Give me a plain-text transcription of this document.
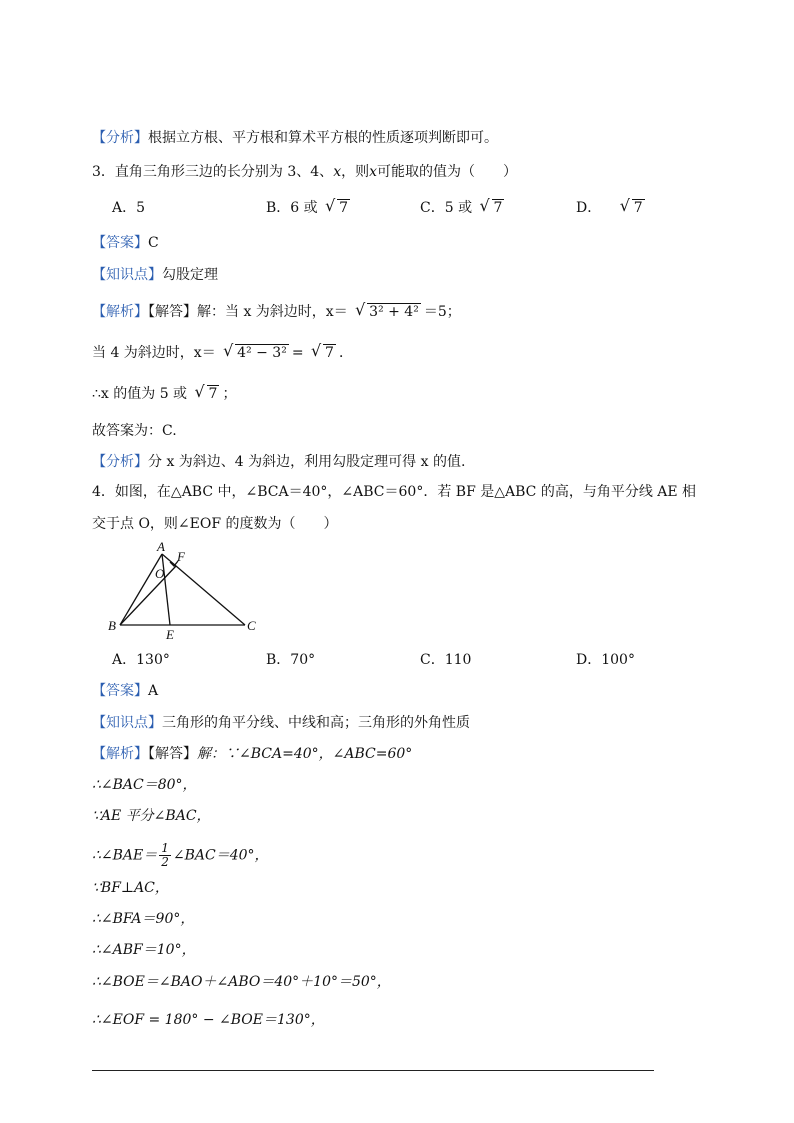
【分析】根据立方根、平方根和算术平方根的性质逐项判断即可。
3．直角三角形三边的长分别为 3、4、x，则x可能取的值为（　　）
A．5	B．6 或 √ 7	C．5 或 √ 7	D． √ 7
【答案】C
【知识点】勾股定理
【解析】【解答】解：当 x 为斜边时，x＝ √ 3² + 4² ＝5；
当 4 为斜边时，x＝ √ 4² − 3² = √ 7 ．
∴x 的值为 5 或 √ 7 ；
故答案为：C.
【分析】分 x 为斜边、4 为斜边，利用勾股定理可得 x 的值.
4．如图，在△ABC 中，∠BCA＝40°，∠ABC＝60°．若 BF 是△ABC 的高，与角平分线 AE 相
交于点 O，则∠EOF 的度数为（　　）
A
F
O
B
E
C
A．130°	B．70°	C．110	D．100°
【答案】A
【知识点】三角形的角平分线、中线和高；三角形的外角性质
【解析】【解答】解：∵∠BCA=40°，∠ABC=60°
∴∠BAC＝80°，
∵AE 平分∠BAC，
∴∠BAE＝ $\frac{1}{2}$ ∠BAC＝40°，
∵BF⊥AC，
∴∠BFA＝90°，
∴∠ABF＝10°，
∴∠BOE＝∠BAO＋∠ABO＝40°＋10°＝50°，
∴∠EOF = 180° − ∠BOE＝130°，
